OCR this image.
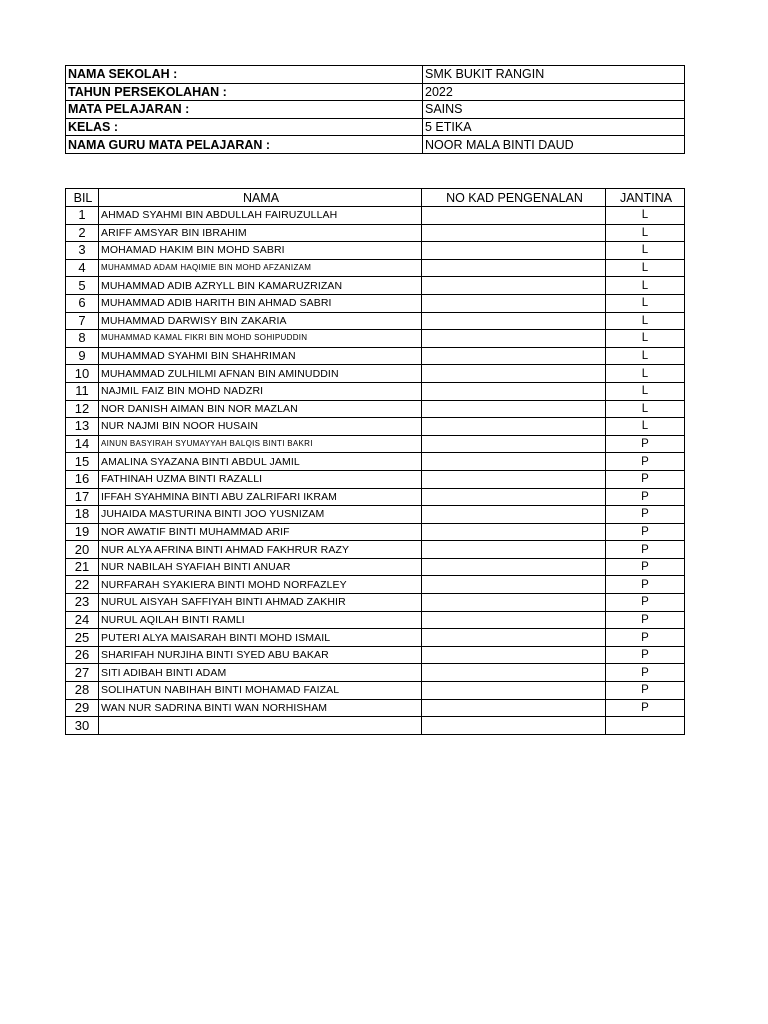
NAMA SEKOLAH :	SMK BUKIT RANGIN
TAHUN PERSEKOLAHAN :	2022
MATA PELAJARAN :	SAINS
KELAS :	5 ETIKA
NAMA GURU MATA PELAJARAN :	NOOR MALA BINTI DAUD
BIL	NAMA	NO KAD PENGENALAN	JANTINA
1	AHMAD SYAHMI BIN ABDULLAH FAIRUZULLAH		L
2	ARIFF AMSYAR BIN IBRAHIM		L
3	MOHAMAD HAKIM BIN MOHD SABRI		L
4	MUHAMMAD ADAM HAQIMIE BIN MOHD AFZANIZAM		L
5	MUHAMMAD ADIB AZRYLL BIN KAMARUZRIZAN		L
6	MUHAMMAD ADIB HARITH BIN AHMAD SABRI		L
7	MUHAMMAD DARWISY BIN ZAKARIA		L
8	MUHAMMAD KAMAL FIKRI BIN MOHD SOHIPUDDIN		L
9	MUHAMMAD SYAHMI BIN SHAHRIMAN		L
10	MUHAMMAD ZULHILMI AFNAN BIN AMINUDDIN		L
11	NAJMIL FAIZ BIN MOHD NADZRI		L
12	NOR DANISH AIMAN BIN NOR MAZLAN		L
13	NUR NAJMI BIN NOOR HUSAIN		L
14	AINUN BASYIRAH SYUMAYYAH BALQIS BINTI BAKRI		P
15	AMALINA SYAZANA BINTI ABDUL JAMIL		P
16	FATHINAH UZMA BINTI RAZALLI		P
17	IFFAH SYAHMINA BINTI ABU ZALRIFARI IKRAM		P
18	JUHAIDA MASTURINA BINTI JOO YUSNIZAM		P
19	NOR AWATIF BINTI MUHAMMAD ARIF		P
20	NUR ALYA AFRINA BINTI AHMAD FAKHRUR RAZY		P
21	NUR NABILAH SYAFIAH BINTI ANUAR		P
22	NURFARAH SYAKIERA BINTI MOHD NORFAZLEY		P
23	NURUL AISYAH SAFFIYAH BINTI AHMAD ZAKHIR		P
24	NURUL AQILAH BINTI RAMLI		P
25	PUTERI ALYA MAISARAH BINTI MOHD ISMAIL		P
26	SHARIFAH NURJIHA BINTI SYED ABU BAKAR		P
27	SITI ADIBAH BINTI ADAM		P
28	SOLIHATUN NABIHAH BINTI MOHAMAD FAIZAL		P
29	WAN NUR SADRINA BINTI WAN NORHISHAM		P
30			
